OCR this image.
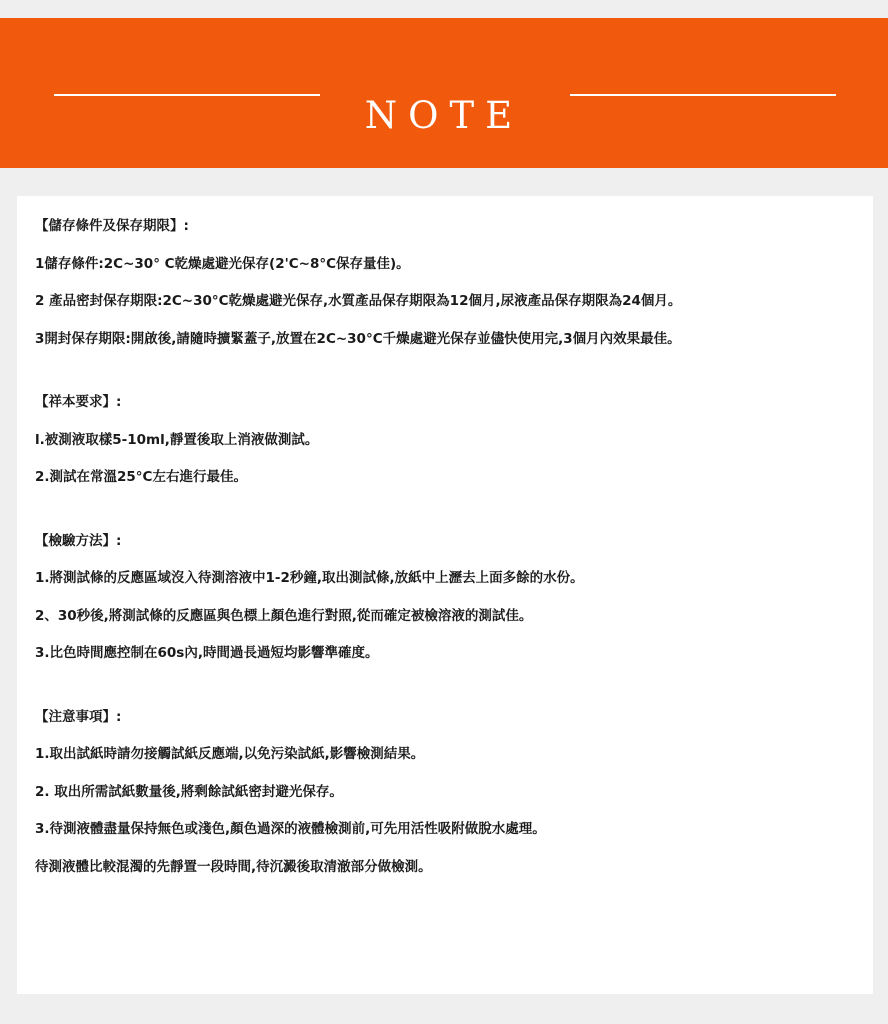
NOTE

【儲存條件及保存期限】:

1儲存條件:2C~30° C乾燥處避光保存(2'C~8°C保存量佳)。

2 產品密封保存期限:2C~30°C乾燥處避光保存,水質產品保存期限為12個月,尿液產品保存期限為24個月。

3開封保存期限:開啟後,請隨時擴緊蓋子,放置在2C~30°C千燥處避光保存並儘快使用完,3個月內效果最佳。

【祥本要求】:

l.被測液取樣5-10ml,靜置後取上消液做測試。

2.測試在常溫25°C左右進行最佳。

【檢驗方法】:

1.將測試條的反應區域沒入待測溶液中1-2秒鐘,取出測試條,放紙中上瀝去上面多餘的水份。

2、30秒後,將測試條的反應區與色標上顏色進行對照,從而確定被檢溶液的測試佳。

3.比色時間應控制在60s內,時間過長過短均影響準確度。

【注意事項】:

1.取出試紙時請勿接觸試紙反應端,以免污染試紙,影響檢測結果。

2. 取出所需試紙數量後,將剩餘試紙密封避光保存。

3.待測液體盡量保持無色或淺色,顏色過深的液體檢測前,可先用活性吸附做脫水處理。

待測液體比較混濁的先靜置一段時間,待沉澱後取清澈部分做檢測。
